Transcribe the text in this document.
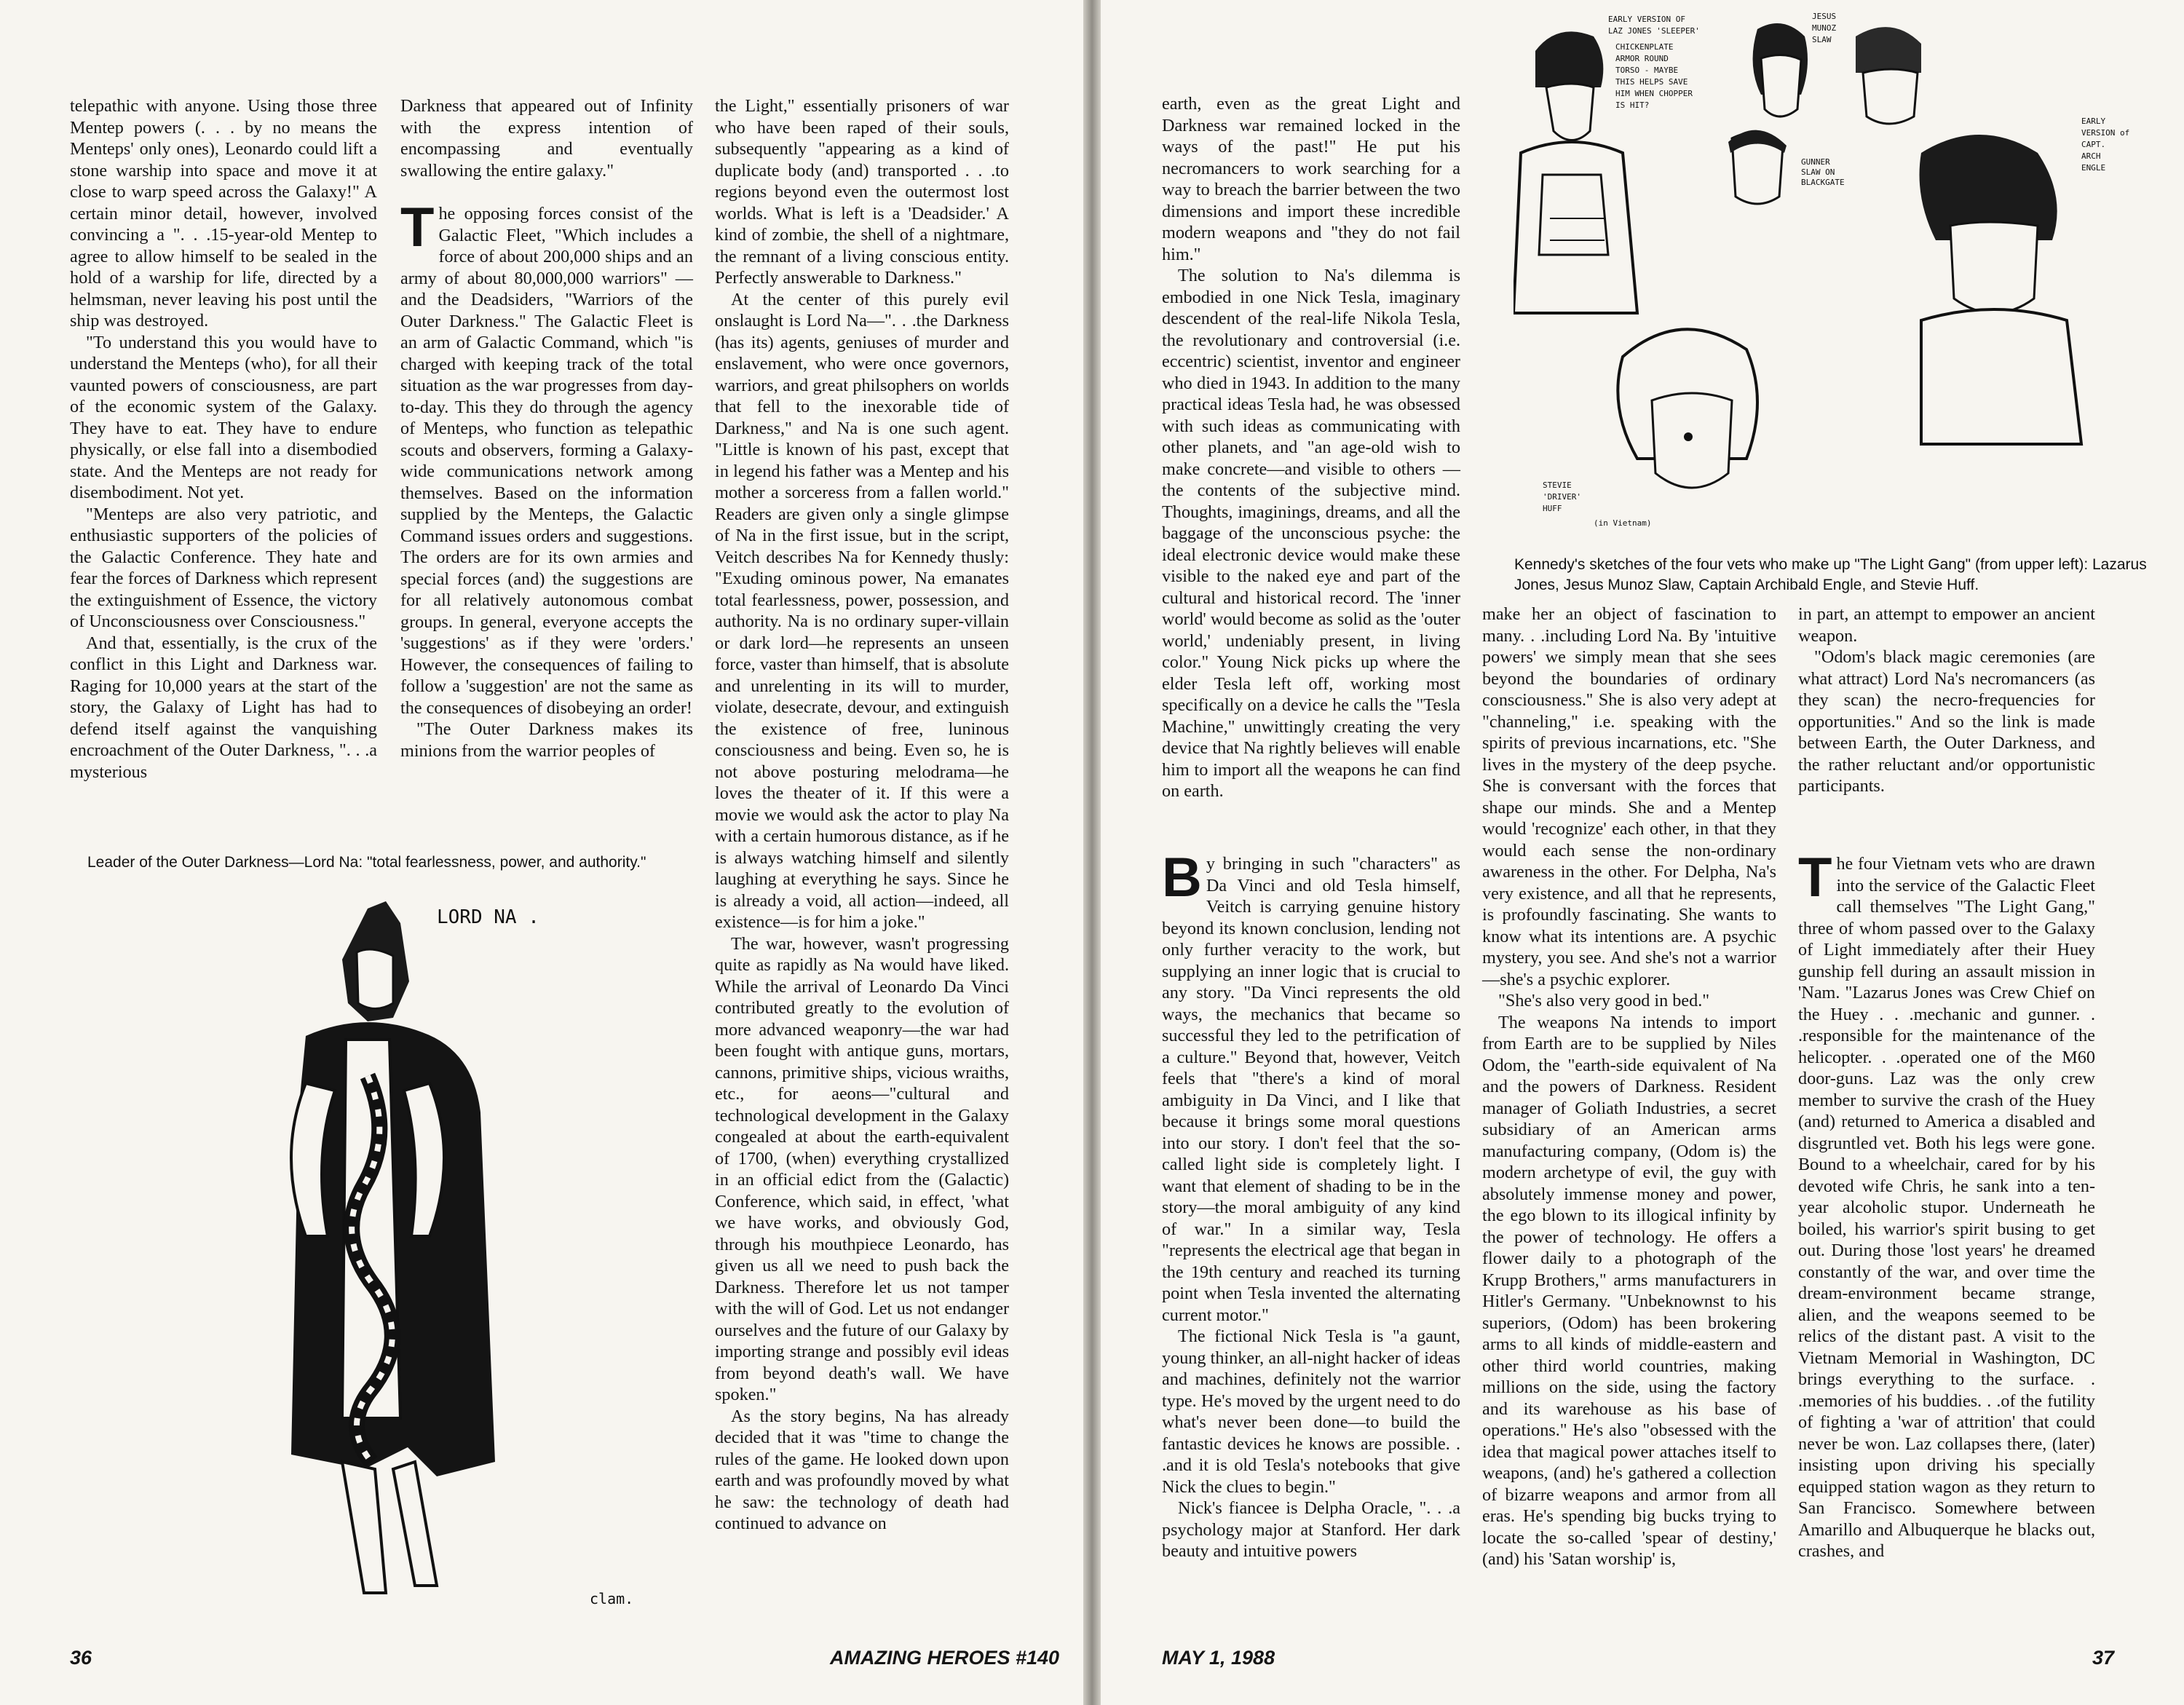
telepathic with anyone. Using those three Mentep powers (. . . by no means the Menteps' only ones), Leonardo could lift a stone warship into space and move it at close to warp speed across the Galaxy!" A certain minor detail, however, involved convincing a ". . .15-year-old Mentep to agree to allow himself to be sealed in the hold of a warship for life, directed by a helmsman, never leaving his post until the ship was destroyed.

"To understand this you would have to understand the Menteps (who), for all their vaunted powers of consciousness, are part of the economic system of the Galaxy. They have to eat. They have to endure physically, or else fall into a disembodied state. And the Menteps are not ready for disembodiment. Not yet.

"Menteps are also very patriotic, and enthusiastic supporters of the policies of the Galactic Conference. They hate and fear the forces of Darkness which represent the extinguishment of Essence, the victory of Unconsciousness over Consciousness."

And that, essentially, is the crux of the conflict in this Light and Darkness war. Raging for 10,000 years at the start of the story, the Galaxy of Light has had to defend itself against the vanquishing encroachment of the Outer Darkness, ". . .a mysterious

Darkness that appeared out of Infinity with the express intention of encompassing and eventually swallowing the entire galaxy."

The opposing forces consist of the Galactic Fleet, "Which includes a force of about 200,000 ships and an army of about 80,000,000 warriors" —and the Deadsiders, "Warriors of the Outer Darkness." The Galactic Fleet is an arm of Galactic Command, which "is charged with keeping track of the total situation as the war progresses from day-to-day. This they do through the agency of Menteps, who function as telepathic scouts and observers, forming a Galaxy-wide communications network among themselves. Based on the information supplied by the Menteps, the Galactic Command issues orders and suggestions. The orders are for its own armies and special forces (and) the suggestions are for all relatively autonomous combat groups. In general, everyone accepts the 'suggestions' as if they were 'orders.' However, the consequences of failing to follow a 'suggestion' are not the same as the consequences of disobeying an order!

"The Outer Darkness makes its minions from the warrior peoples of

the Light," essentially prisoners of war who have been raped of their souls, subsequently "appearing as a kind of duplicate body (and) transported . . .to regions beyond even the outermost lost worlds. What is left is a 'Deadsider.' A kind of zombie, the shell of a nightmare, the remnant of a living conscious entity. Perfectly answerable to Darkness."

At the center of this purely evil onslaught is Lord Na—". . .the Darkness (has its) agents, geniuses of murder and enslavement, who were once governors, warriors, and great philsophers on worlds that fell to the inexorable tide of Darkness," and Na is one such agent. "Little is known of his past, except that in legend his father was a Mentep and his mother a sorceress from a fallen world." Readers are given only a single glimpse of Na in the first issue, but in the script, Veitch describes Na for Kennedy thusly: "Exuding ominous power, Na emanates total fearlessness, power, possession, and authority. Na is no ordinary super-villain or dark lord—he represents an unseen force, vaster than himself, that is absolute and unrelenting in its will to murder, violate, desecrate, devour, and extinguish the existence of free, luninous consciousness and being. Even so, he is not above posturing melodrama—he loves the theater of it. If this were a movie we would ask the actor to play Na with a certain humorous distance, as if he is always watching himself and silently laughing at everything he says. Since he is already a void, all action—indeed, all existence—is for him a joke."

The war, however, wasn't progressing quite as rapidly as Na would have liked. While the arrival of Leonardo Da Vinci contributed greatly to the evolution of more advanced weaponry—the war had been fought with antique guns, mortars, cannons, primitive ships, vicious wraiths, etc., for aeons—"cultural and technological development in the Galaxy congealed at about the earth-equivalent of 1700, (when) everything crystallized in an official edict from the (Galactic) Conference, which said, in effect, 'what we have works, and obviously God, through his mouthpiece Leonardo, has given us all we need to push back the Darkness. Therefore let us not tamper with the will of God. Let us not endanger ourselves and the future of our Galaxy by importing strange and possibly evil ideas from beyond death's wall. We have spoken."

As the story begins, Na has already decided that it was "time to change the rules of the game. He looked down upon earth and was profoundly moved by what he saw: the technology of death had continued to advance on

Leader of the Outer Darkness—Lord Na: "total fearlessness, power, and authority."
LORD NA .
clam.
36	AMAZING HEROES #140
EARLY VERSION OF
LAZ JONES 'SLEEPER'
CHICKENPLATE
ARMOR ROUND
TORSO - MAYBE
THIS HELPS SAVE
HIM WHEN CHOPPER
IS HIT?
JESUS
MUNOZ
SLAW
GUNNER
SLAW ON
BLACKGATE
EARLY
VERSION of
CAPT.
ARCH
ENGLE
STEVIE
'DRIVER'
HUFF
(in Vietnam)
Kennedy's sketches of the four vets who make up "The Light Gang" (from upper left): Lazarus Jones, Jesus Munoz Slaw, Captain Archibald Engle, and Stevie Huff.

earth, even as the great Light and Darkness war remained locked in the ways of the past!" He put his necromancers to work searching for a way to breach the barrier between the two dimensions and import these incredible modern weapons and "they do not fail him."

The solution to Na's dilemma is embodied in one Nick Tesla, imaginary descendent of the real-life Nikola Tesla, the revolutionary and controversial (i.e. eccentric) scientist, inventor and engineer who died in 1943. In addition to the many practical ideas Tesla had, he was obsessed with such ideas as communicating with other planets, and "an age-old wish to make concrete—and visible to others —the contents of the subjective mind. Thoughts, imaginings, dreams, and all the baggage of the unconscious psyche: the ideal electronic device would make these visible to the naked eye and part of the cultural and historical record. The 'inner world' would become as solid as the 'outer world,' undeniably present, in living color." Young Nick picks up where the elder Tesla left off, working most specifically on a device he calls the "Tesla Machine," unwittingly creating the very device that Na rightly believes will enable him to import all the weapons he can find on earth.

By bringing in such "characters" as Da Vinci and old Tesla himself, Veitch is carrying genuine history beyond its known conclusion, lending not only further veracity to the work, but supplying an inner logic that is crucial to any story. "Da Vinci represents the old ways, the mechanics that became so successful they led to the petrification of a culture." Beyond that, however, Veitch feels that "there's a kind of moral ambiguity in Da Vinci, and I like that because it brings some moral questions into our story. I don't feel that the so-called light side is completely light. I want that element of shading to be in the story—the moral ambiguity of any kind of war." In a similar way, Tesla "represents the electrical age that began in the 19th century and reached its turning point when Tesla invented the alternating current motor."

The fictional Nick Tesla is "a gaunt, young thinker, an all-night hacker of ideas and machines, definitely not the warrior type. He's moved by the urgent need to do what's never been done—to build the fantastic devices he knows are possible. . .and it is old Tesla's notebooks that give Nick the clues to begin."

Nick's fiancee is Delpha Oracle, ". . .a psychology major at Stanford. Her dark beauty and intuitive powers

make her an object of fascination to many. . .including Lord Na. By 'intuitive powers' we simply mean that she sees beyond the boundaries of ordinary consciousness.'' She is also very adept at "channeling," i.e. speaking with the spirits of previous incarnations, etc. "She lives in the mystery of the deep psyche. She is conversant with the forces that shape our minds. She and a Mentep would 'recognize' each other, in that they would each sense the non-ordinary awareness in the other. For Delpha, Na's very existence, and all that he represents, is profoundly fascinating. She wants to know what its intentions are. A psychic mystery, you see. And she's not a warrior—she's a psychic explorer.

"She's also very good in bed."

The weapons Na intends to import from Earth are to be supplied by Niles Odom, the "earth-side equivalent of Na and the powers of Darkness. Resident manager of Goliath Industries, a secret subsidiary of an American arms manufacturing company, (Odom is) the modern archetype of evil, the guy with absolutely immense money and power, the ego blown to its illogical infinity by the power of technology. He offers a flower daily to a photograph of the Krupp Brothers," arms manufacturers in Hitler's Germany. "Unbeknownst to his superiors, (Odom) has been brokering arms to all kinds of middle-eastern and other third world countries, making millions on the side, using the factory and its warehouse as his base of operations." He's also "obsessed with the idea that magical power attaches itself to weapons, (and) he's gathered a collection of bizarre weapons and armor from all eras. He's spending big bucks trying to locate the so-called 'spear of destiny,' (and) his 'Satan worship' is,

in part, an attempt to empower an ancient weapon.

"Odom's black magic ceremonies (are what attract) Lord Na's necromancers (as they scan) the necro-frequencies for opportunities." And so the link is made between Earth, the Outer Darkness, and the rather reluctant and/or opportunistic participants.

The four Vietnam vets who are drawn into the service of the Galactic Fleet call themselves "The Light Gang," three of whom passed over to the Galaxy of Light immediately after their Huey gunship fell during an assault mission in 'Nam. "Lazarus Jones was Crew Chief on the Huey . . .mechanic and gunner. . .responsible for the maintenance of the helicopter. . .operated one of the M60 door-guns. Laz was the only crew member to survive the crash of the Huey (and) returned to America a disabled and disgruntled vet. Both his legs were gone. Bound to a wheelchair, cared for by his devoted wife Chris, he sank into a ten-year alcoholic stupor. Underneath he boiled, his warrior's spirit busing to get out. During those 'lost years' he dreamed constantly of the war, and over time the dream-environment became strange, alien, and the weapons seemed to be relics of the distant past. A visit to the Vietnam Memorial in Washington, DC brings everything to the surface. . .memories of his buddies. . .of the futility of fighting a 'war of attrition' that could never be won. Laz collapses there, (later) insisting upon driving his specially equipped station wagon as they return to San Francisco. Somewhere between Amarillo and Albuquerque he blacks out, crashes, and

MAY 1, 1988	37
